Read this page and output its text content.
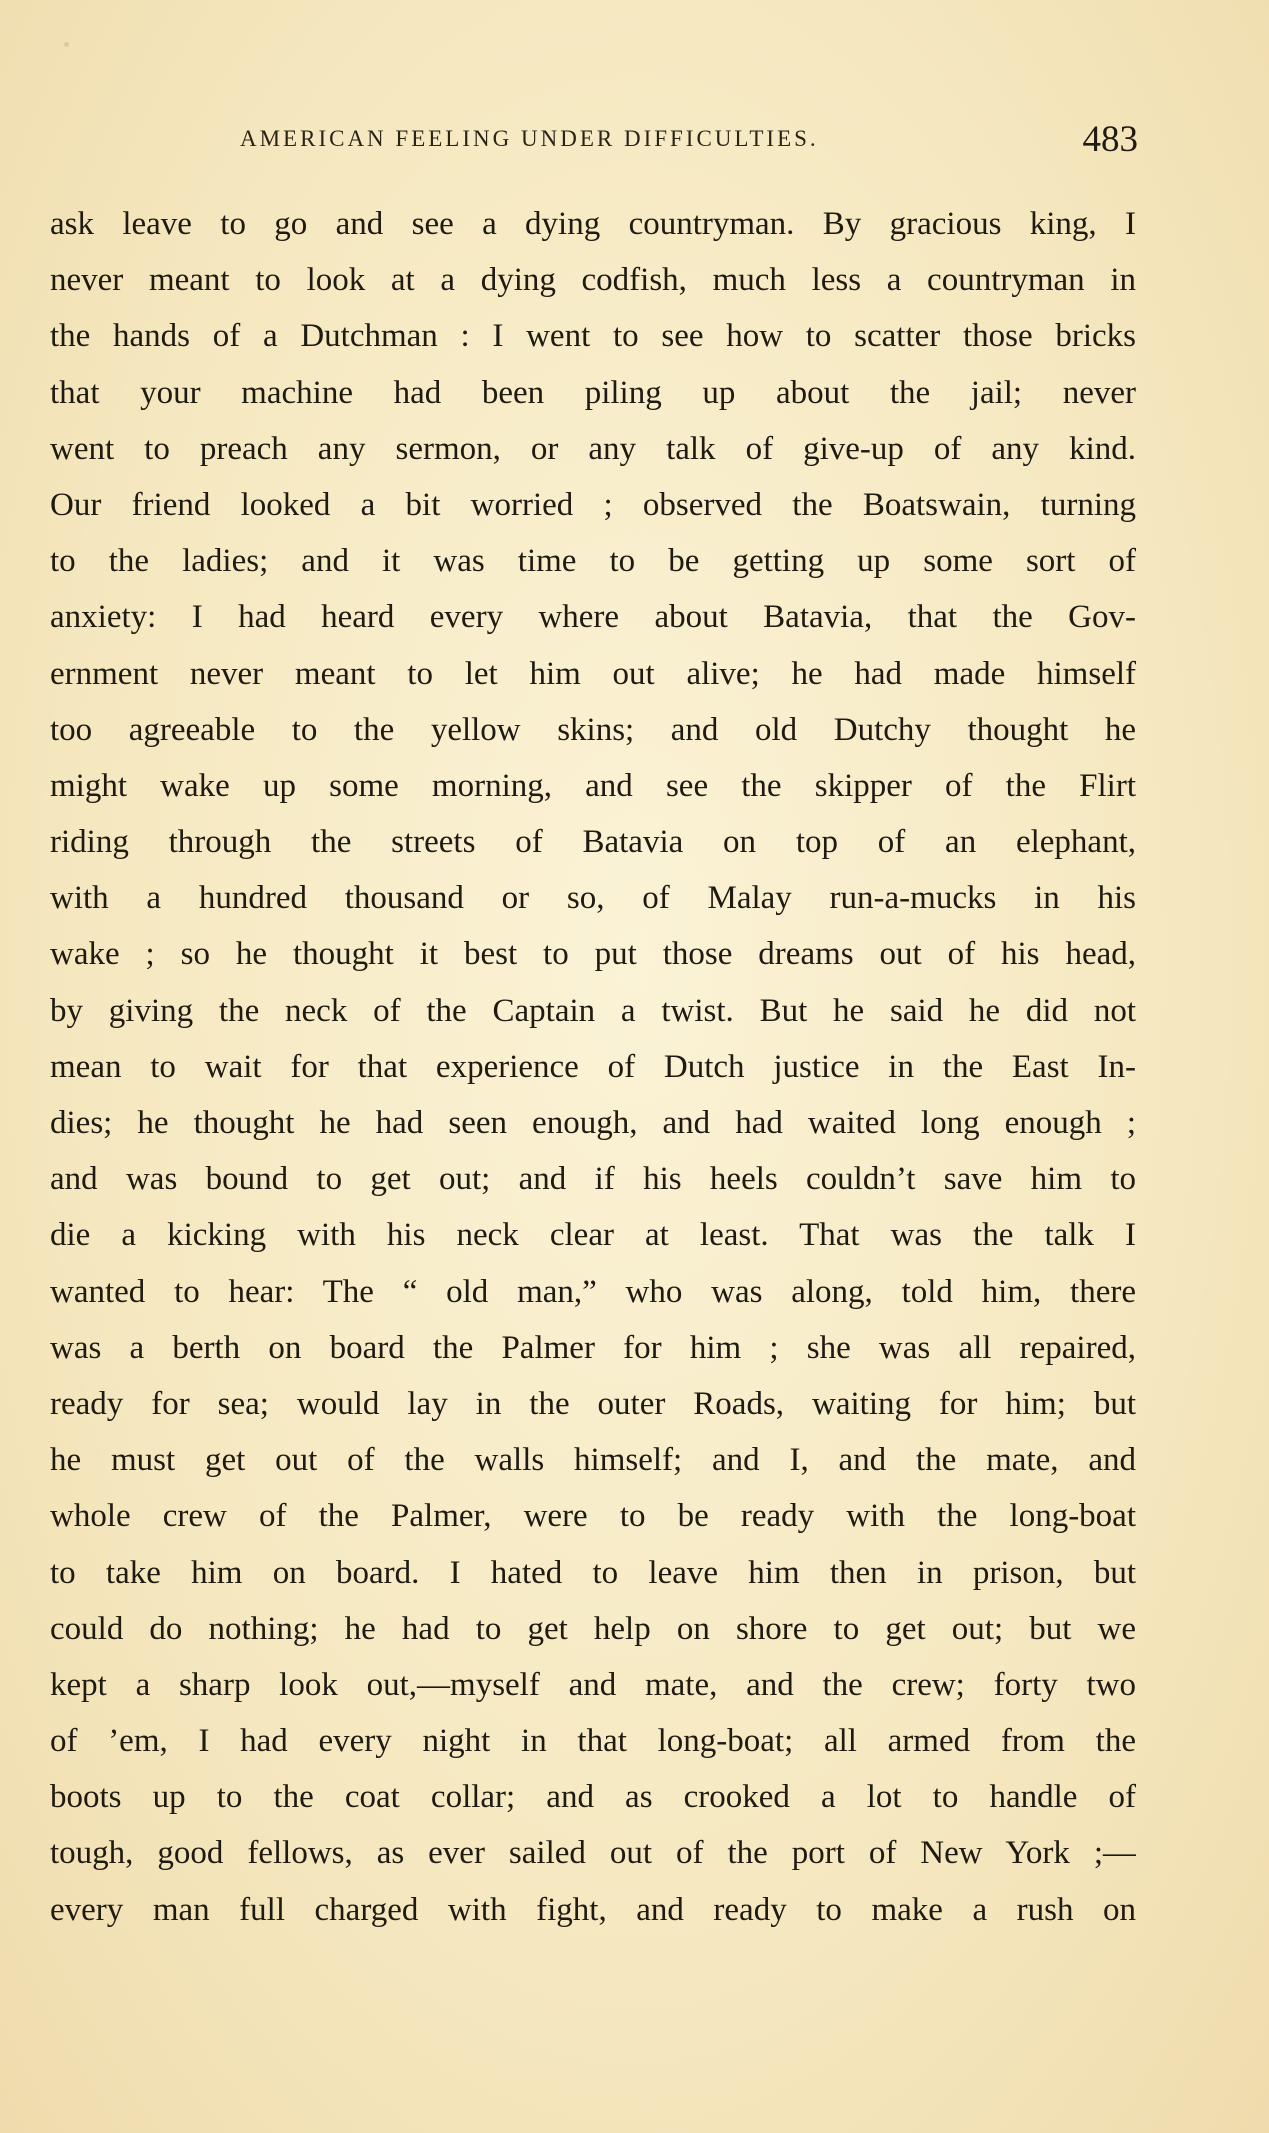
AMERICAN FEELING UNDER DIFFICULTIES.	483
ask leave to go and see a dying countryman. By gracious king, I
never meant to look at a dying codfish, much less a countryman in
the hands of a Dutchman : I went to see how to scatter those bricks
that your machine had been piling up about the jail; never
went to preach any sermon, or any talk of give-up of any kind.
Our friend looked a bit worried ; observed the Boatswain, turning
to the ladies; and it was time to be getting up some sort of
anxiety: I had heard every where about Batavia, that the Gov-
ernment never meant to let him out alive; he had made himself
too agreeable to the yellow skins; and old Dutchy thought he
might wake up some morning, and see the skipper of the Flirt
riding through the streets of Batavia on top of an elephant,
with a hundred thousand or so, of Malay run-a-mucks in his
wake ; so he thought it best to put those dreams out of his head,
by giving the neck of the Captain a twist. But he said he did not
mean to wait for that experience of Dutch justice in the East In-
dies; he thought he had seen enough, and had waited long enough ;
and was bound to get out; and if his heels couldn’t save him to
die a kicking with his neck clear at least. That was the talk I
wanted to hear: The “ old man,” who was along, told him, there
was a berth on board the Palmer for him ; she was all repaired,
ready for sea; would lay in the outer Roads, waiting for him; but
he must get out of the walls himself; and I, and the mate, and
whole crew of the Palmer, were to be ready with the long-boat
to take him on board. I hated to leave him then in prison, but
could do nothing; he had to get help on shore to get out; but we
kept a sharp look out,—myself and mate, and the crew; forty two
of ’em, I had every night in that long-boat; all armed from the
boots up to the coat collar; and as crooked a lot to handle of
tough, good fellows, as ever sailed out of the port of New York ;—
every man full charged with fight, and ready to make a rush on
